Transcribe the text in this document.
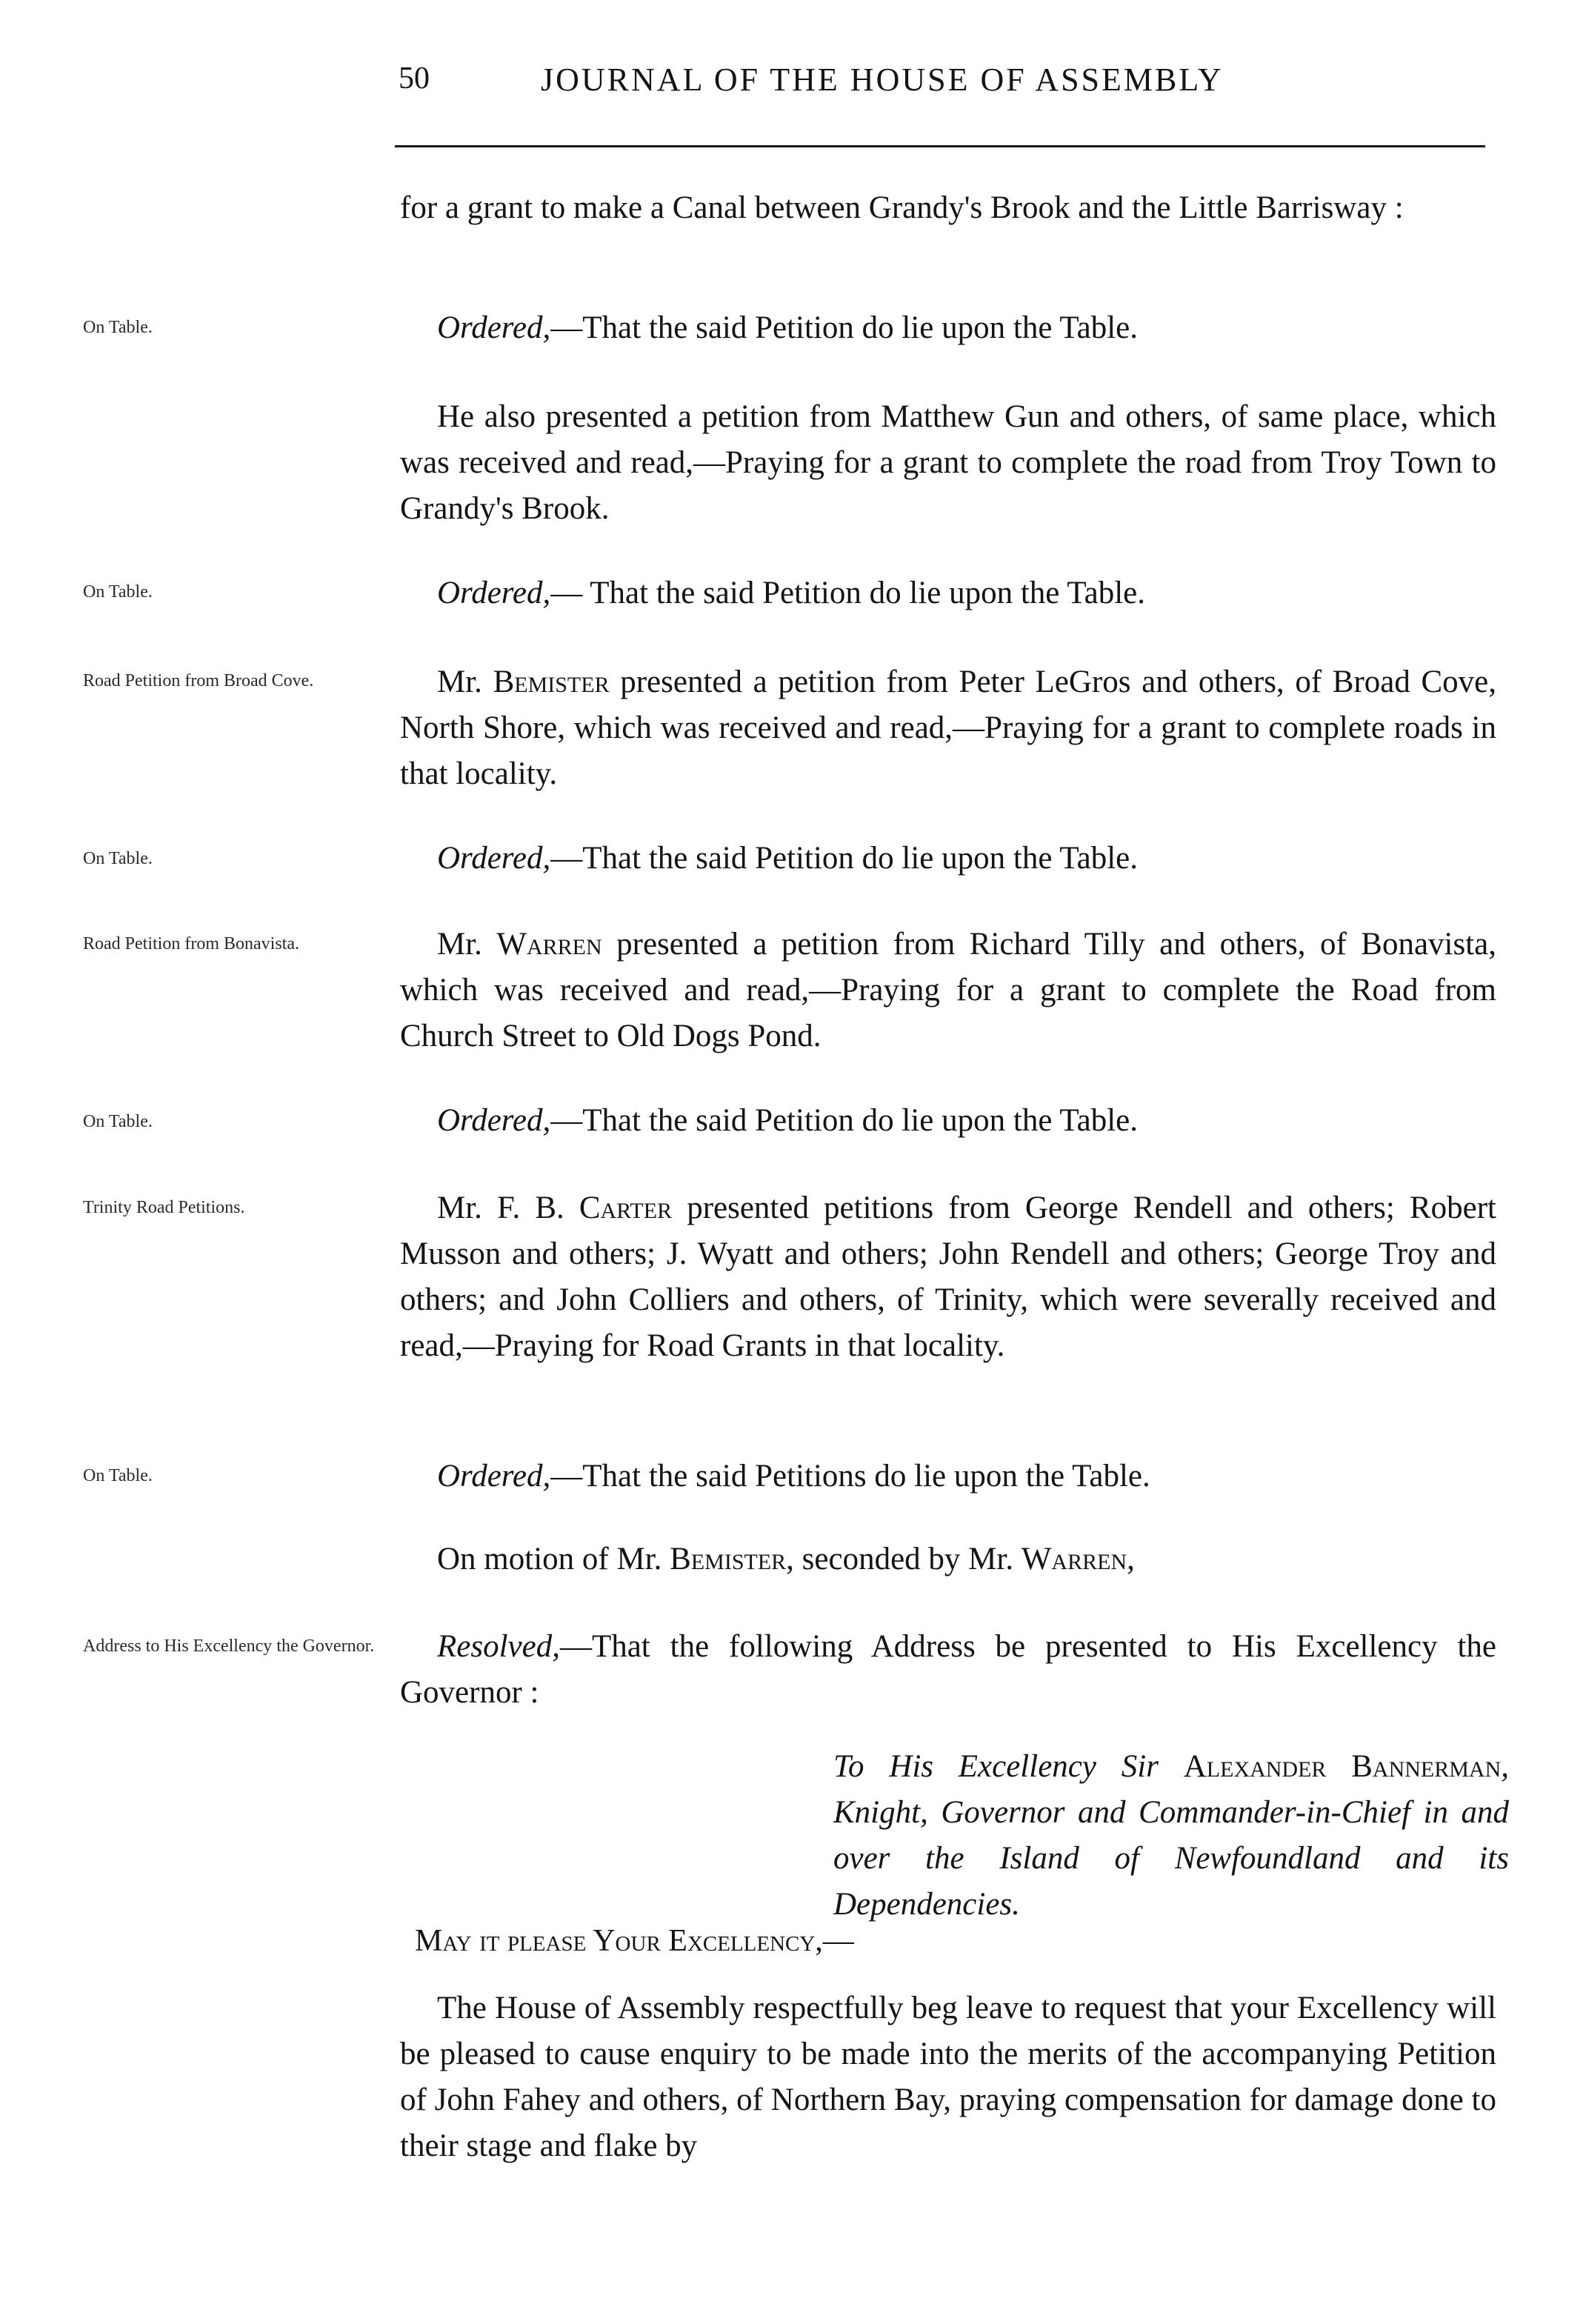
50	JOURNAL OF THE HOUSE OF ASSEMBLY
On Table.
On Table.
Road Petition from Broad Cove.
On Table.
Road Petition from Bonavista.
On Table.
Trinity Road Petitions.
On Table.
Address to His Excellency the Governor.
for a grant to make a Canal between Grandy's Brook and the Little Barrisway :
Ordered,—That the said Petition do lie upon the Table.
He also presented a petition from Matthew Gun and others, of same place, which was received and read,—Praying for a grant to complete the road from Troy Town to Grandy's Brook.
Ordered,— That the said Petition do lie upon the Table.
Mr. Bemister presented a petition from Peter LeGros and others, of Broad Cove, North Shore, which was received and read,—Praying for a grant to complete roads in that locality.
Ordered,—That the said Petition do lie upon the Table.
Mr. Warren presented a petition from Richard Tilly and others, of Bonavista, which was received and read,—Praying for a grant to complete the Road from Church Street to Old Dogs Pond.
Ordered,—That the said Petition do lie upon the Table.
Mr. F. B. Carter presented petitions from George Rendell and others; Robert Musson and others; J. Wyatt and others; John Rendell and others; George Troy and others; and John Colliers and others, of Trinity, which were severally received and read,—Praying for Road Grants in that locality.
Ordered,—That the said Petitions do lie upon the Table.
On motion of Mr. Bemister, seconded by Mr. Warren,
Resolved,—That the following Address be presented to His Excellency the Governor :
To His Excellency Sir Alexander Bannerman, Knight, Governor and Commander-in-Chief in and over the Island of Newfoundland and its Dependencies.
May it please Your Excellency,—
The House of Assembly respectfully beg leave to request that your Excellency will be pleased to cause enquiry to be made into the merits of the accompanying Petition of John Fahey and others, of Northern Bay, praying compensation for damage done to their stage and flake by
